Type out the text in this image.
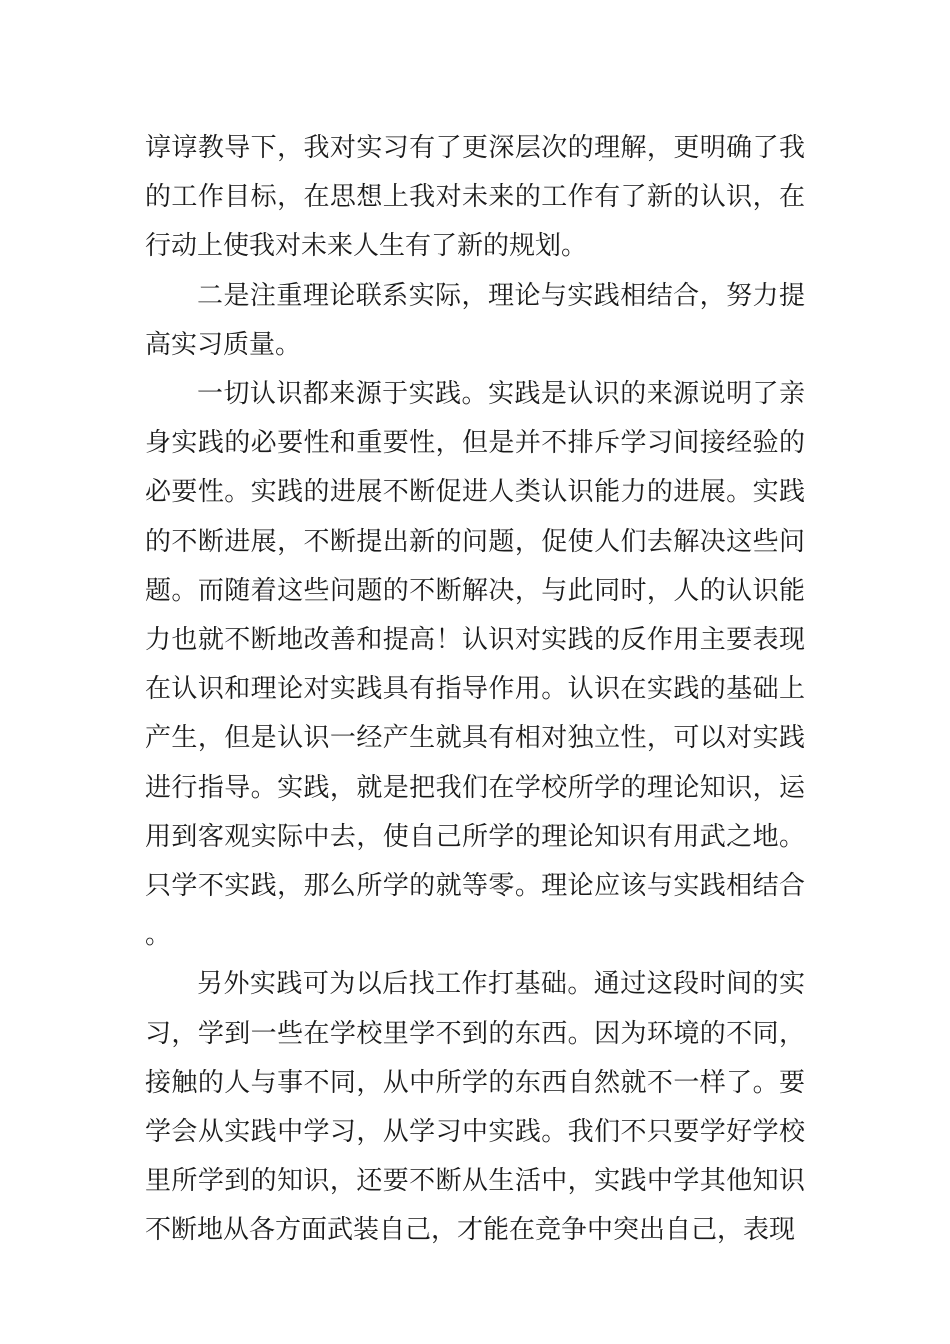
谆谆教导下，我对实习有了更深层次的理解，更明确了我的工作目标，在思想上我对未来的工作有了新的认识，在行动上使我对未来人生有了新的规划。

二是注重理论联系实际，理论与实践相结合，努力提高实习质量。

一切认识都来源于实践。实践是认识的来源说明了亲身实践的必要性和重要性，但是并不排斥学习间接经验的必要性。实践的进展不断促进人类认识能力的进展。实践的不断进展，不断提出新的问题，促使人们去解决这些问题。而随着这些问题的不断解决，与此同时，人的认识能力也就不断地改善和提高！认识对实践的反作用主要表现在认识和理论对实践具有指导作用。认识在实践的基础上产生，但是认识一经产生就具有相对独立性，可以对实践进行指导。实践，就是把我们在学校所学的理论知识，运用到客观实际中去，使自己所学的理论知识有用武之地。只学不实践，那么所学的就等零。理论应该与实践相结合。

另外实践可为以后找工作打基础。通过这段时间的实习，学到一些在学校里学不到的东西。因为环境的不同，接触的人与事不同，从中所学的东西自然就不一样了。要学会从实践中学习，从学习中实践。我们不只要学好学校里所学到的知识，还要不断从生活中，实践中学其他知识不断地从各方面武装自己，才能在竞争中突出自己，表现
